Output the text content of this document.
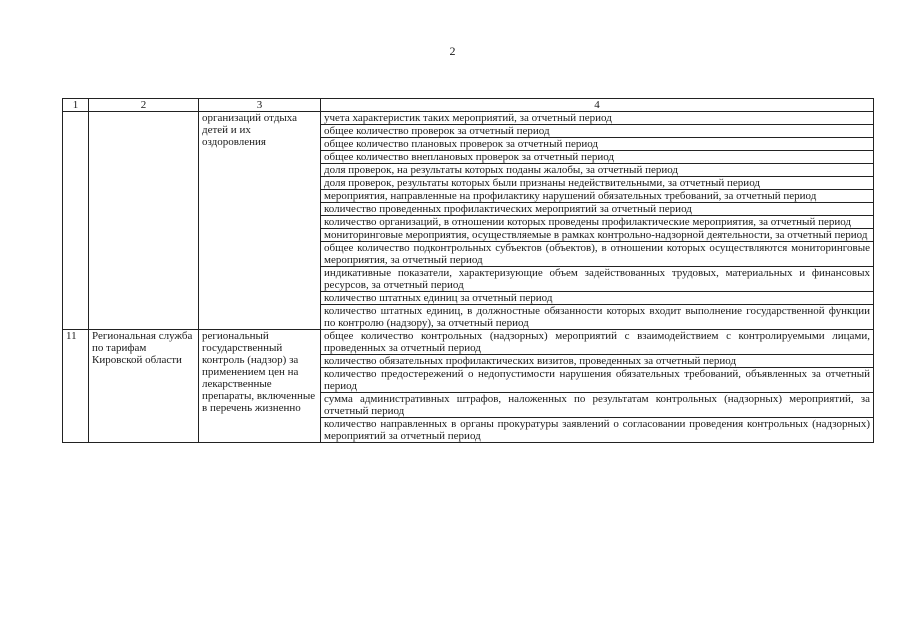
2
1	2	3	4
		организаций отдыха детей и их оздоровления	учета характеристик таких мероприятий, за отчетный период
			общее количество проверок за отчетный период
			общее количество плановых проверок за отчетный период
			общее количество внеплановых проверок за отчетный период
			доля проверок, на результаты которых поданы жалобы, за отчетный период
			доля проверок, результаты которых были признаны недействительными, за отчетный период
			мероприятия, направленные на профилактику нарушений обязательных требований, за отчетный период
			количество проведенных профилактических мероприятий за отчетный период
			количество организаций, в отношении которых проведены профилактические мероприятия, за отчетный период
			мониторинговые мероприятия, осуществляемые в рамках контрольно-надзорной деятельности, за отчетный период
			общее количество подконтрольных субъектов (объектов), в отношении которых осуществляются мониторинговые мероприятия, за отчетный период
			индикативные показатели, характеризующие объем задействованных трудовых, материальных и финансовых ресурсов, за отчетный период
			количество штатных единиц за отчетный период
			количество штатных единиц, в должностные обязанности которых входит выполнение государственной функции по контролю (надзору), за отчетный период
11	Региональная служба по тарифам Кировской области	региональный государственный контроль (надзор) за применением цен на лекарственные препараты, включенные в перечень жизненно	общее количество контрольных (надзорных) мероприятий с взаимодействием с контролируемыми лицами, проведенных за отчетный период
			количество обязательных профилактических визитов, проведенных за отчетный период
			количество предостережений о недопустимости нарушения обязательных требований, объявленных за отчетный период
			сумма административных штрафов, наложенных по результатам контрольных (надзорных) мероприятий, за отчетный период
			количество направленных в органы прокуратуры заявлений о согласовании проведения контрольных (надзорных) мероприятий за отчетный период
